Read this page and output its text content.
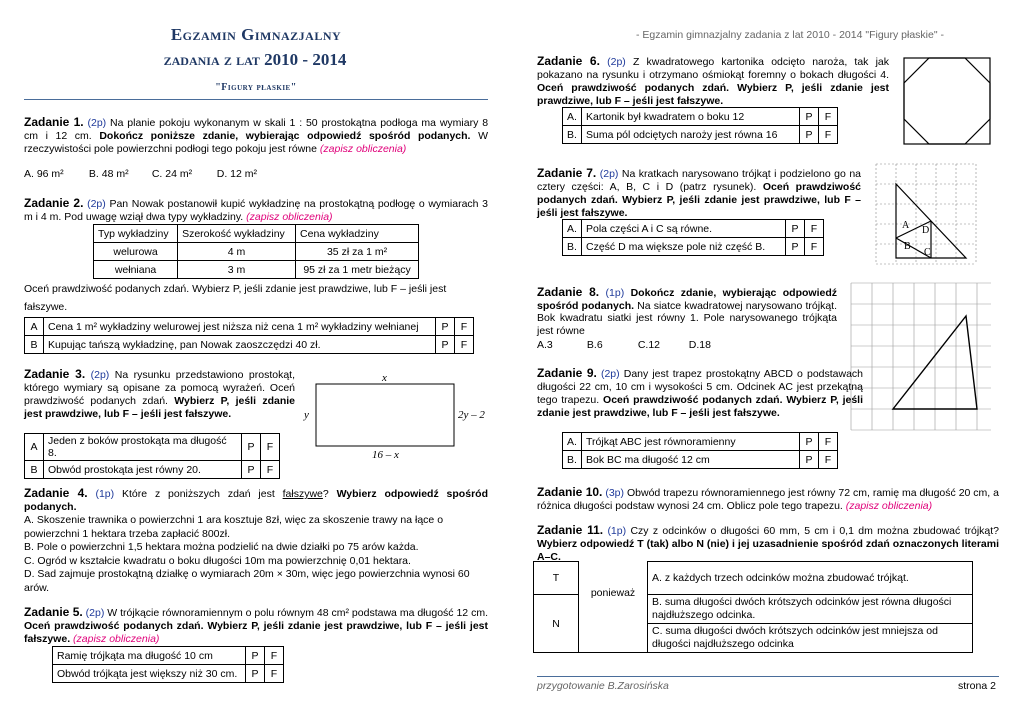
Egzamin Gimnazjalny
zadania z lat 2010 - 2014
"Figury płaskie"
Zadanie 1. (2p) Na planie pokoju wykonanym w skali 1 : 50 prostokątna podłoga ma wymiary 8 cm i 12 cm. Dokończ poniższe zdanie, wybierając odpowiedź spośród podanych. W rzeczywistości pole powierzchni podłogi tego pokoju jest równe (zapisz obliczenia)
A. 96 m² B. 48 m² C. 24 m² D. 12 m²
Zadanie 2. (2p) Pan Nowak postanowił kupić wykładzinę na prostokątną podłogę o wymiarach 3 m i 4 m. Pod uwagę wziął dwa typy wykładziny. (zapisz obliczenia)
Typ wykładziny	Szerokość wykładziny	Cena wykładziny
welurowa	4 m	35 zł za 1 m²
wełniana	3 m	95 zł za 1 metr bieżący
Oceń prawdziwość podanych zdań. Wybierz P, jeśli zdanie jest prawdziwe, lub F – jeśli jest fałszywe.
A	Cena 1 m² wykładziny welurowej jest niższa niż cena 1 m² wykładziny wełnianej	P	F
B	Kupując tańszą wykładzinę, pan Nowak zaoszczędzi 40 zł.	P	F
Zadanie 3. (2p) Na rysunku przedstawiono prostokąt, którego wymiary są opisane za pomocą wyrażeń. Oceń prawdziwość podanych zdań. Wybierz P, jeśli zdanie jest prawdziwe, lub F – jeśli jest fałszywe.
x
y	2y – 2
16 – x
A	Jeden z boków prostokąta ma długość 8.	P	F
B	Obwód prostokąta jest równy 20.	P	F
Zadanie 4. (1p) Które z poniższych zdań jest fałszywe? Wybierz odpowiedź spośród podanych.
A. Skoszenie trawnika o powierzchni 1 ara kosztuje 8zł, więc za skoszenie trawy na łące o powierzchni 1 hektara trzeba zapłacić 800zł.
B. Pole o powierzchni 1,5 hektara można podzielić na dwie działki po 75 arów każda.
C. Ogród w kształcie kwadratu o boku długości 10m ma powierzchnię 0,01 hektara.
D. Sad zajmuje prostokątną działkę o wymiarach 20m × 30m, więc jego powierzchnia wynosi 60 arów.
Zadanie 5. (2p) W trójkącie równoramiennym o polu równym 48 cm² podstawa ma długość 12 cm. Oceń prawdziwość podanych zdań. Wybierz P, jeśli zdanie jest prawdziwe, lub F – jeśli jest fałszywe. (zapisz obliczenia)
Ramię trójkąta ma długość 10 cm	P	F
Obwód trójkąta jest większy niż 30 cm.	P	F
- Egzamin gimnazjalny zadania z lat 2010 - 2014 "Figury płaskie" -
Zadanie 6. (2p) Z kwadratowego kartonika odcięto naroża, tak jak pokazano na rysunku i otrzymano ośmiokąt foremny o bokach długości 4. Oceń prawdziwość podanych zdań. Wybierz P, jeśli zdanie jest prawdziwe, lub F – jeśli jest fałszywe.
A.	Kartonik był kwadratem o boku 12	P	F
B.	Suma pól odciętych naroży jest równa 16	P	F
Zadanie 7. (2p) Na kratkach narysowano trójkąt i podzielono go na cztery części: A, B, C i D (patrz rysunek). Oceń prawdziwość podanych zdań. Wybierz P, jeśli zdanie jest prawdziwe, lub F – jeśli jest fałszywe.
A D
B
C
A.	Pola części A i C są równe.	P	F
B.	Część D ma większe pole niż część B.	P	F
Zadanie 8. (1p) Dokończ zdanie, wybierając odpowiedź spośród podanych. Na siatce kwadratowej narysowano trójkąt. Bok kwadratu siatki jest równy 1. Pole narysowanego trójkąta jest równe
A.3	B.6	C.12	D.18
Zadanie 9. (2p) Dany jest trapez prostokątny ABCD o podstawach długości 22 cm, 10 cm i wysokości 5 cm. Odcinek AC jest przekątną tego trapezu. Oceń prawdziwość podanych zdań. Wybierz P, jeśli zdanie jest prawdziwe, lub F – jeśli jest fałszywe.
A.	Trójkąt ABC jest równoramienny	P	F
B.	Bok BC ma długość 12 cm	P	F
Zadanie 10. (3p) Obwód trapezu równoramiennego jest równy 72 cm, ramię ma długość 20 cm, a różnica długości podstaw wynosi 24 cm. Oblicz pole tego trapezu. (zapisz obliczenia)
Zadanie 11. (1p) Czy z odcinków o długości 60 mm, 5 cm i 0,1 dm można zbudować trójkąt? Wybierz odpowiedź T (tak) albo N (nie) i jej uzasadnienie spośród zdań oznaczonych literami A–C.
T	ponieważ	A. z każdych trzech odcinków można zbudować trójkąt.
N		B. suma długości dwóch krótszych odcinków jest równa długości najdłuższego odcinka.
		C. suma długości dwóch krótszych odcinków jest mniejsza od długości najdłuższego odcinka
przygotowanie B.Zarosińska	strona 2
